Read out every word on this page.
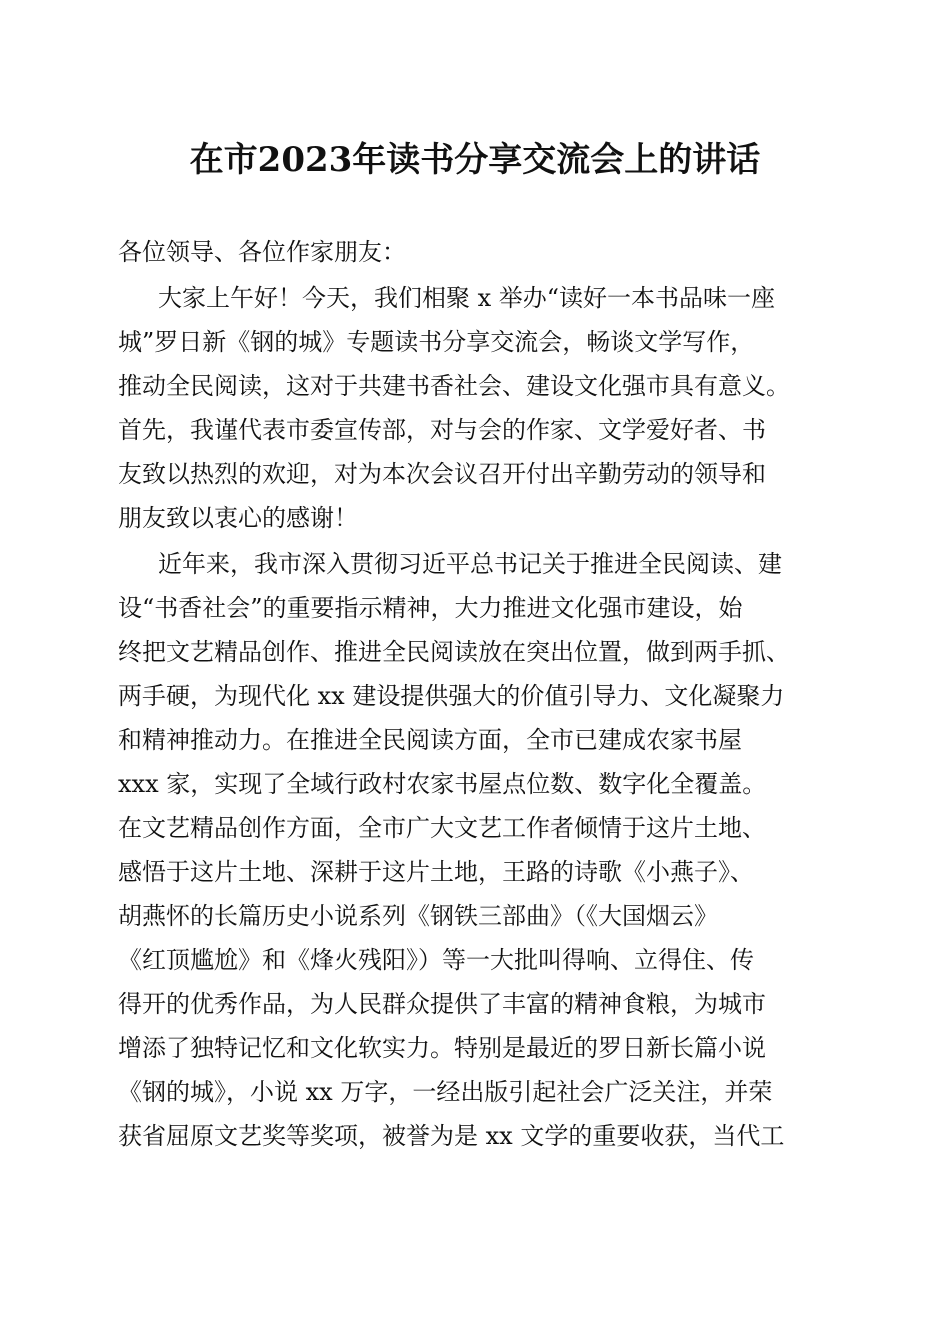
在市2023年读书分享交流会上的讲话
各位领导、各位作家朋友：
大家上午好！今天，我们相聚 x 举办“读好一本书品味一座
城”罗日新《钢的城》专题读书分享交流会，畅谈文学写作，
推动全民阅读，这对于共建书香社会、建设文化强市具有意义。
首先，我谨代表市委宣传部，对与会的作家、文学爱好者、书
友致以热烈的欢迎，对为本次会议召开付出辛勤劳动的领导和
朋友致以衷心的感谢！
近年来，我市深入贯彻习近平总书记关于推进全民阅读、建
设“书香社会”的重要指示精神，大力推进文化强市建设，始
终把文艺精品创作、推进全民阅读放在突出位置，做到两手抓、
两手硬，为现代化 xx 建设提供强大的价值引导力、文化凝聚力
和精神推动力。在推进全民阅读方面，全市已建成农家书屋
xxx 家，实现了全域行政村农家书屋点位数、数字化全覆盖。
在文艺精品创作方面，全市广大文艺工作者倾情于这片土地、
感悟于这片土地、深耕于这片土地，王路的诗歌《小燕子》、
胡燕怀的长篇历史小说系列《钢铁三部曲》（《大国烟云》
《红顶尴尬》和《烽火残阳》）等一大批叫得响、立得住、传
得开的优秀作品，为人民群众提供了丰富的精神食粮，为城市
增添了独特记忆和文化软实力。特别是最近的罗日新长篇小说
《钢的城》，小说 xx 万字，一经出版引起社会广泛关注，并荣
获省屈原文艺奖等奖项，被誉为是 xx 文学的重要收获，当代工
